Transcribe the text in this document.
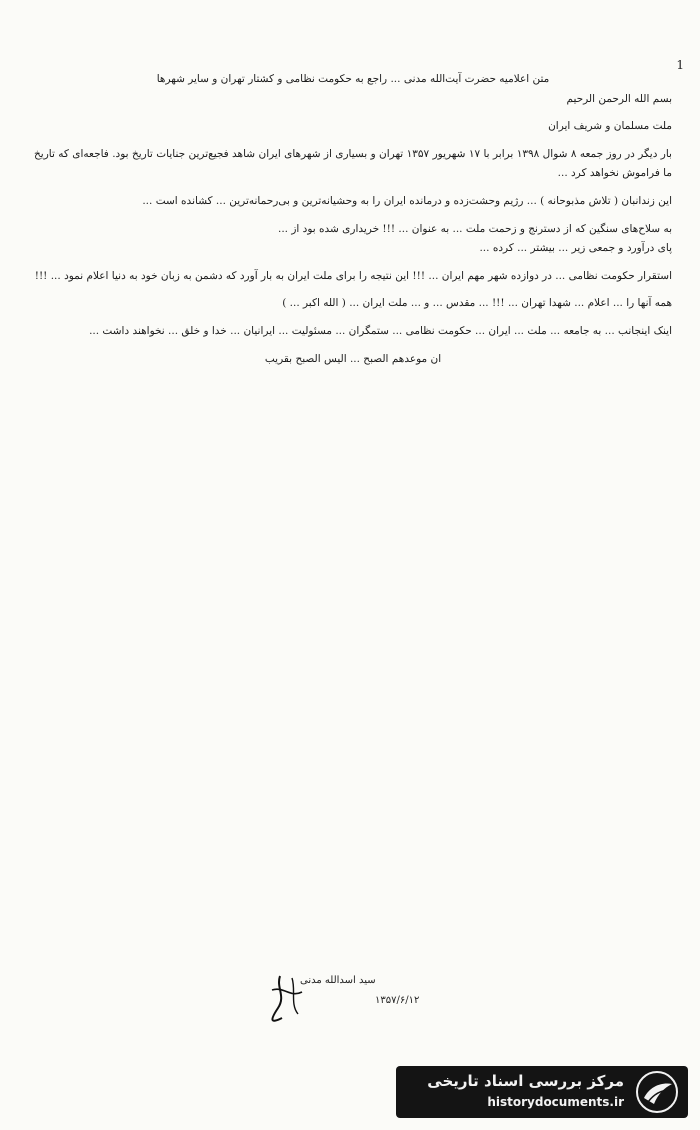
1

متن اعلامیه حضرت آیت‌الله مدنی ... راجع به حکومت نظامی و کشتار تهران و سایر شهرها

بسم الله الرحمن الرحیم

ملت مسلمان و شریف ایران

بار دیگر در روز جمعه ۸ شوال ۱۳۹۸ برابر با ۱۷ شهریور ۱۳۵۷ تهران و بسیاری از شهرهای ایران شاهد فجیع‌ترین جنایات تاریخ بود. فاجعه‌ای که تاریخ ما فراموش نخواهد کرد ...

این زندانبان ( تلاش مذبوحانه ) ... رژیم وحشت‌زده و درمانده ایران را به وحشیانه‌ترین و بی‌رحمانه‌ترین ... کشانده است ...

به سلاح‌های سنگین که از دسترنج و زحمت ملت ... به عنوان ... !!! خریداری شده بود از ...

پای درآورد و جمعی زیر ... بیشتر ... کرده ...

استقرار حکومت نظامی ... در دوازده شهر مهم ایران ... !!! این نتیجه را برای ملت ایران به بار آورد که دشمن به زبان خود به دنیا اعلام نمود ... !!!

همه آنها را ... اعلام ... شهدا تهران ... !!! ... مقدس ... و ... ملت ایران ... ( الله اکبر ... )

اینک اینجانب ... به جامعه ... ملت ... ایران ... حکومت نظامی ... ستمگران ... مسئولیت ... ایرانیان ... خدا و خلق ... نخواهند داشت ...

ان موعدهم الصبح ... الیس الصبح بقریب

سید اسدالله مدنی
۱۳۵۷/۶/۱۲
مرکز بررسی اسناد تاریخی
historydocuments.ir
